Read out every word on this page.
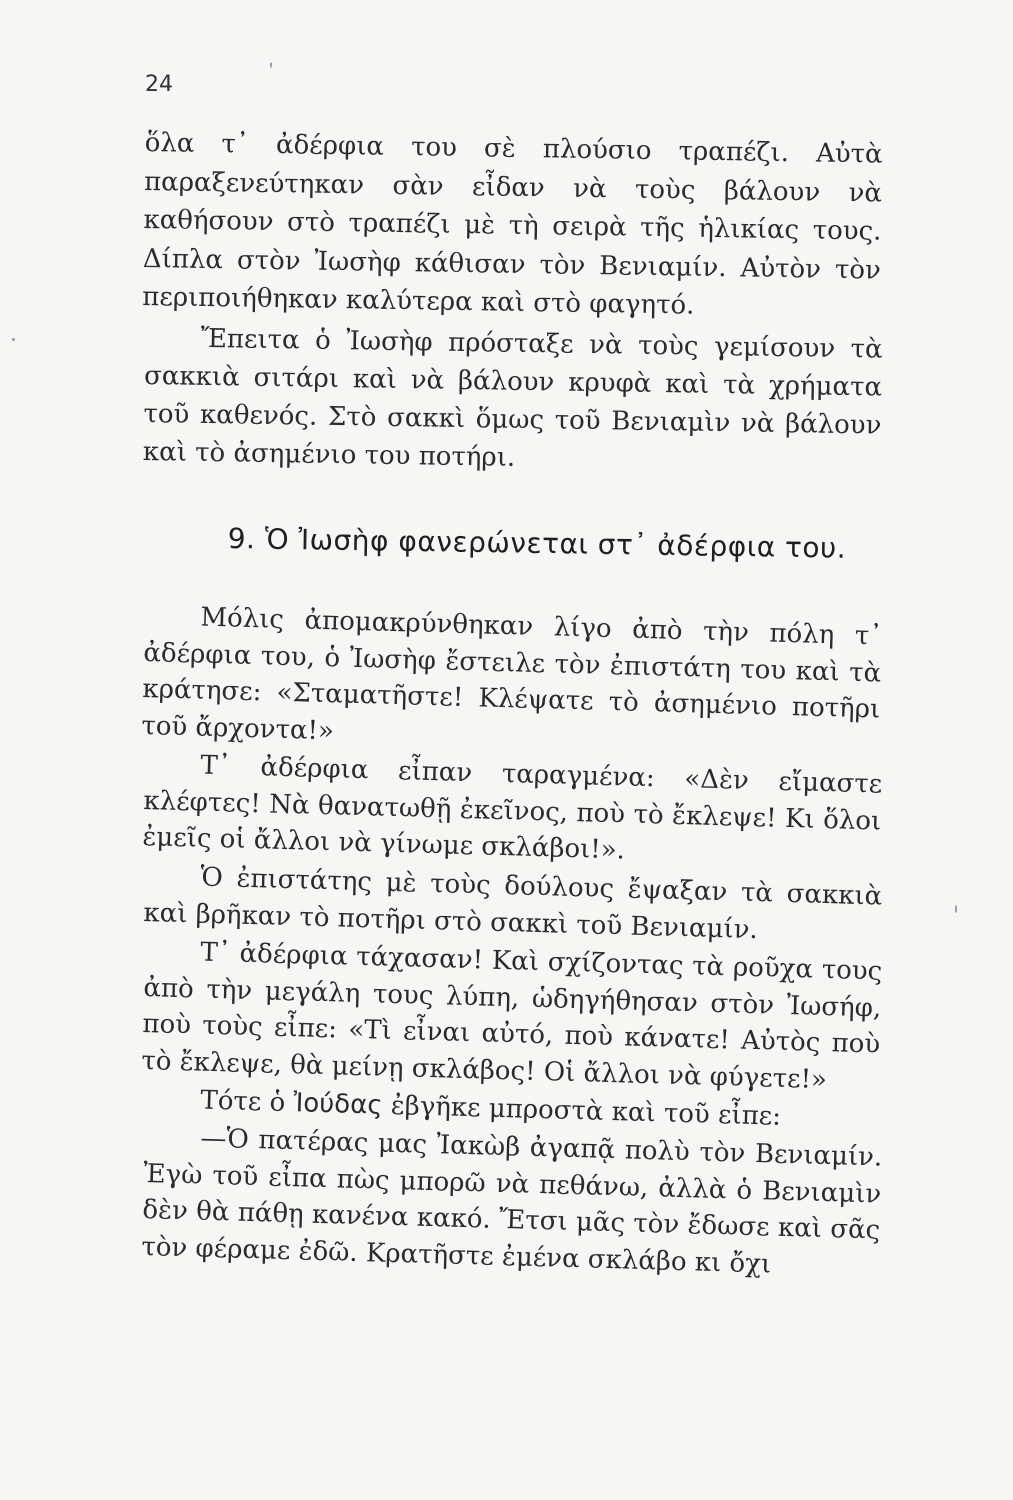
24

ὅλα τ᾿ ἀδέρφια του σὲ πλούσιο τραπέζι. Αὐτὰ παραξενεύτηκαν σὰν εἶδαν νὰ τοὺς βάλουν νὰ καθήσουν στὸ τραπέζι μὲ τὴ σειρὰ τῆς ἡλικίας τους. Δίπλα στὸν Ἰωσὴφ κάθισαν τὸν Βενιαμίν. Αὐτὸν τὸν περιποιήθηκαν καλύτερα καὶ στὸ φαγητό.

Ἔπειτα ὁ Ἰωσὴφ πρόσταξε νὰ τοὺς γεμίσουν τὰ σακκιὰ σιτάρι καὶ νὰ βάλουν κρυφὰ καὶ τὰ χρήματα τοῦ καθενός. Στὸ σακκὶ ὅμως τοῦ Βενιαμὶν νὰ βάλουν καὶ τὸ ἀσημένιο του ποτήρι.

9. Ὁ Ἰωσὴφ φανερώνεται στ᾿ ἀδέρφια του.

Μόλις ἀπομακρύνθηκαν λίγο ἀπὸ τὴν πόλη τ᾿ ἀδέρφια του, ὁ Ἰωσὴφ ἔστειλε τὸν ἐπιστάτη του καὶ τὰ κράτησε: «Σταματῆστε! Κλέψατε τὸ ἀσημένιο ποτῆρι τοῦ ἄρχοντα!»

Τ᾿ ἀδέρφια εἶπαν ταραγμένα: «Δὲν εἴμαστε κλέφτες! Νὰ θανατωθῇ ἐκεῖνος, ποὺ τὸ ἔκλεψε! Κι ὅλοι ἐμεῖς οἱ ἄλλοι νὰ γίνωμε σκλάβοι!».

Ὁ ἐπιστάτης μὲ τοὺς δούλους ἔψαξαν τὰ σακκιὰ καὶ βρῆκαν τὸ ποτῆρι στὸ σακκὶ τοῦ Βενιαμίν.

Τ᾿ ἀδέρφια τάχασαν! Καὶ σχίζοντας τὰ ροῦχα τους ἀπὸ τὴν μεγάλη τους λύπη, ὡδηγήθησαν στὸν Ἰωσήφ, ποὺ τοὺς εἶπε: «Τὶ εἶναι αὐτό, ποὺ κάνατε! Αὐτὸς ποὺ τὸ ἔκλεψε, θὰ μείνῃ σκλάβος! Οἱ ἄλλοι νὰ φύγετε!»

Τότε ὁ Ἰούδας ἐβγῆκε μπροστὰ καὶ τοῦ εἶπε:

—Ὁ πατέρας μας Ἰακὼβ ἀγαπᾷ πολὺ τὸν Βενιαμίν. Ἐγὼ τοῦ εἶπα πὼς μπορῶ νὰ πεθάνω, ἀλλὰ ὁ Βενιαμὶν δὲν θὰ πάθῃ κανένα κακό. Ἔτσι μᾶς τὸν ἔδωσε καὶ σᾶς τὸν φέραμε ἐδῶ. Κρατῆστε ἐμένα σκλάβο κι ὄχι
